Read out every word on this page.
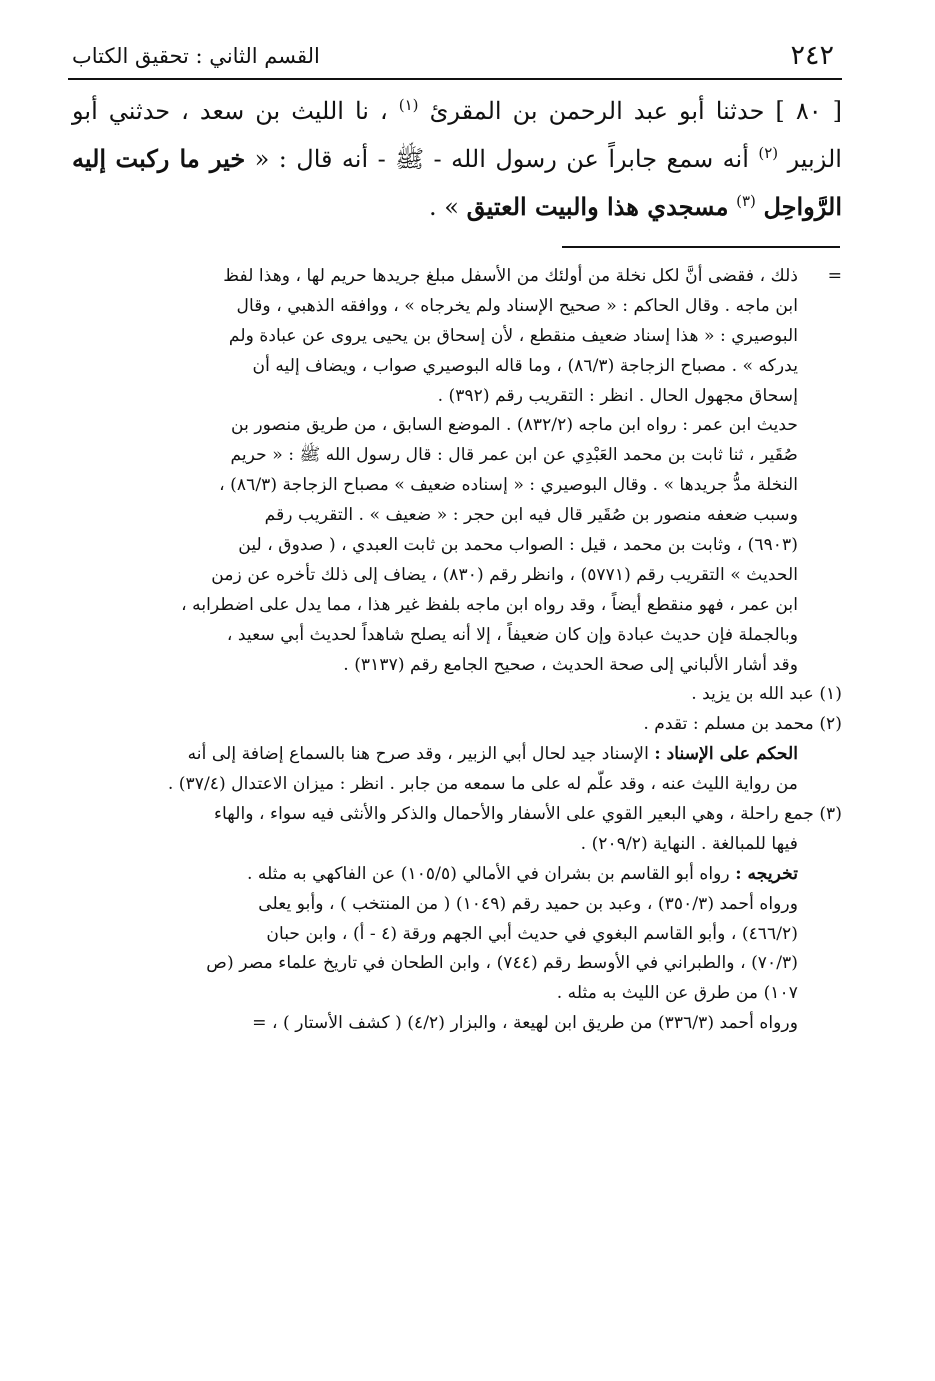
٢٤٢
القسم الثاني : تحقيق الكتاب
[ ٨٠ ] حدثنا أبو عبد الرحمن بن المقرئ $^{(١)}$ ، نا الليث بن سعد ، حدثني أبو الزبير $^{(٢)}$ أنه سمع جابراً عن رسول الله - ﷺ - أنه قال : « خير ما ركبت إليه الرَّواحِل $^{(٣)}$ مسجدي هذا والبيت العتيق » .
=
ذلك ، فقضى أنَّ لكل نخلة من أولئك من الأسفل مبلغ جريدها حريم لها ، وهذا لفظ
ابن ماجه . وقال الحاكم : « صحيح الإسناد ولم يخرجاه » ، ووافقه الذهبي ، وقال
البوصيري : « هذا إسناد ضعيف منقطع ، لأن إسحاق بن يحيى يروى عن عبادة ولم
يدركه » . مصباح الزجاجة (٨٦/٣) ، وما قاله البوصيري صواب ، ويضاف إليه أن
إسحاق مجهول الحال . انظر : التقريب رقم (٣٩٢) .
حديث ابن عمر : رواه ابن ماجه (٨٣٢/٢) . الموضع السابق ، من طريق منصور بن
صُقَير ، ثنا ثابت بن محمد العَبْدِي عن ابن عمر قال : قال رسول الله ﷺ : « حريم
النخلة مدُّ جريدها » . وقال البوصيري : « إسناده ضعيف » مصباح الزجاجة (٨٦/٣) ،
وسبب ضعفه منصور بن صُقَير قال فيه ابن حجر : « ضعيف » . التقريب رقم
(٦٩٠٣) ، وثابت بن محمد ، قيل : الصواب محمد بن ثابت العبدي ، ( صدوق ، لين
الحديث » التقريب رقم (٥٧٧١) ، وانظر رقم (٨٣٠) ، يضاف إلى ذلك تأخره عن زمن
ابن عمر ، فهو منقطع أيضاً ، وقد رواه ابن ماجه بلفظ غير هذا ، مما يدل على اضطرابه ،
وبالجملة فإن حديث عبادة وإن كان ضعيفاً ، إلا أنه يصلح شاهداً لحديث أبي سعيد ،
وقد أشار الألباني إلى صحة الحديث ، صحيح الجامع رقم (٣١٣٧) .
(١) عبد الله بن يزيد .
(٢) محمد بن مسلم : تقدم .
الحكم على الإسناد : الإسناد جيد لحال أبي الزبير ، وقد صرح هنا بالسماع إضافة إلى أنه
من رواية الليث عنه ، وقد علَّم له على ما سمعه من جابر . انظر : ميزان الاعتدال (٣٧/٤) .
(٣) جمع راحلة ، وهي البعير القوي على الأسفار والأحمال والذكر والأنثى فيه سواء ، والهاء
فيها للمبالغة . النهاية (٢٠٩/٢) .
تخريجه : رواه أبو القاسم بن بشران في الأمالي (١٠٥/٥) عن الفاكهي به مثله .
ورواه أحمد (٣٥٠/٣) ، وعبد بن حميد رقم (١٠٤٩) ( من المنتخب ) ، وأبو يعلى
(٤٦٦/٢) ، وأبو القاسم البغوي في حديث أبي الجهم ورقة (٤ - أ) ، وابن حبان
(٧٠/٣) ، والطبراني في الأوسط رقم (٧٤٤) ، وابن الطحان في تاريخ علماء مصر (ص
١٠٧) من طرق عن الليث به مثله .
ورواه أحمد (٣٣٦/٣) من طريق ابن لهيعة ، والبزار (٤/٢) ( كشف الأستار ) ، =
